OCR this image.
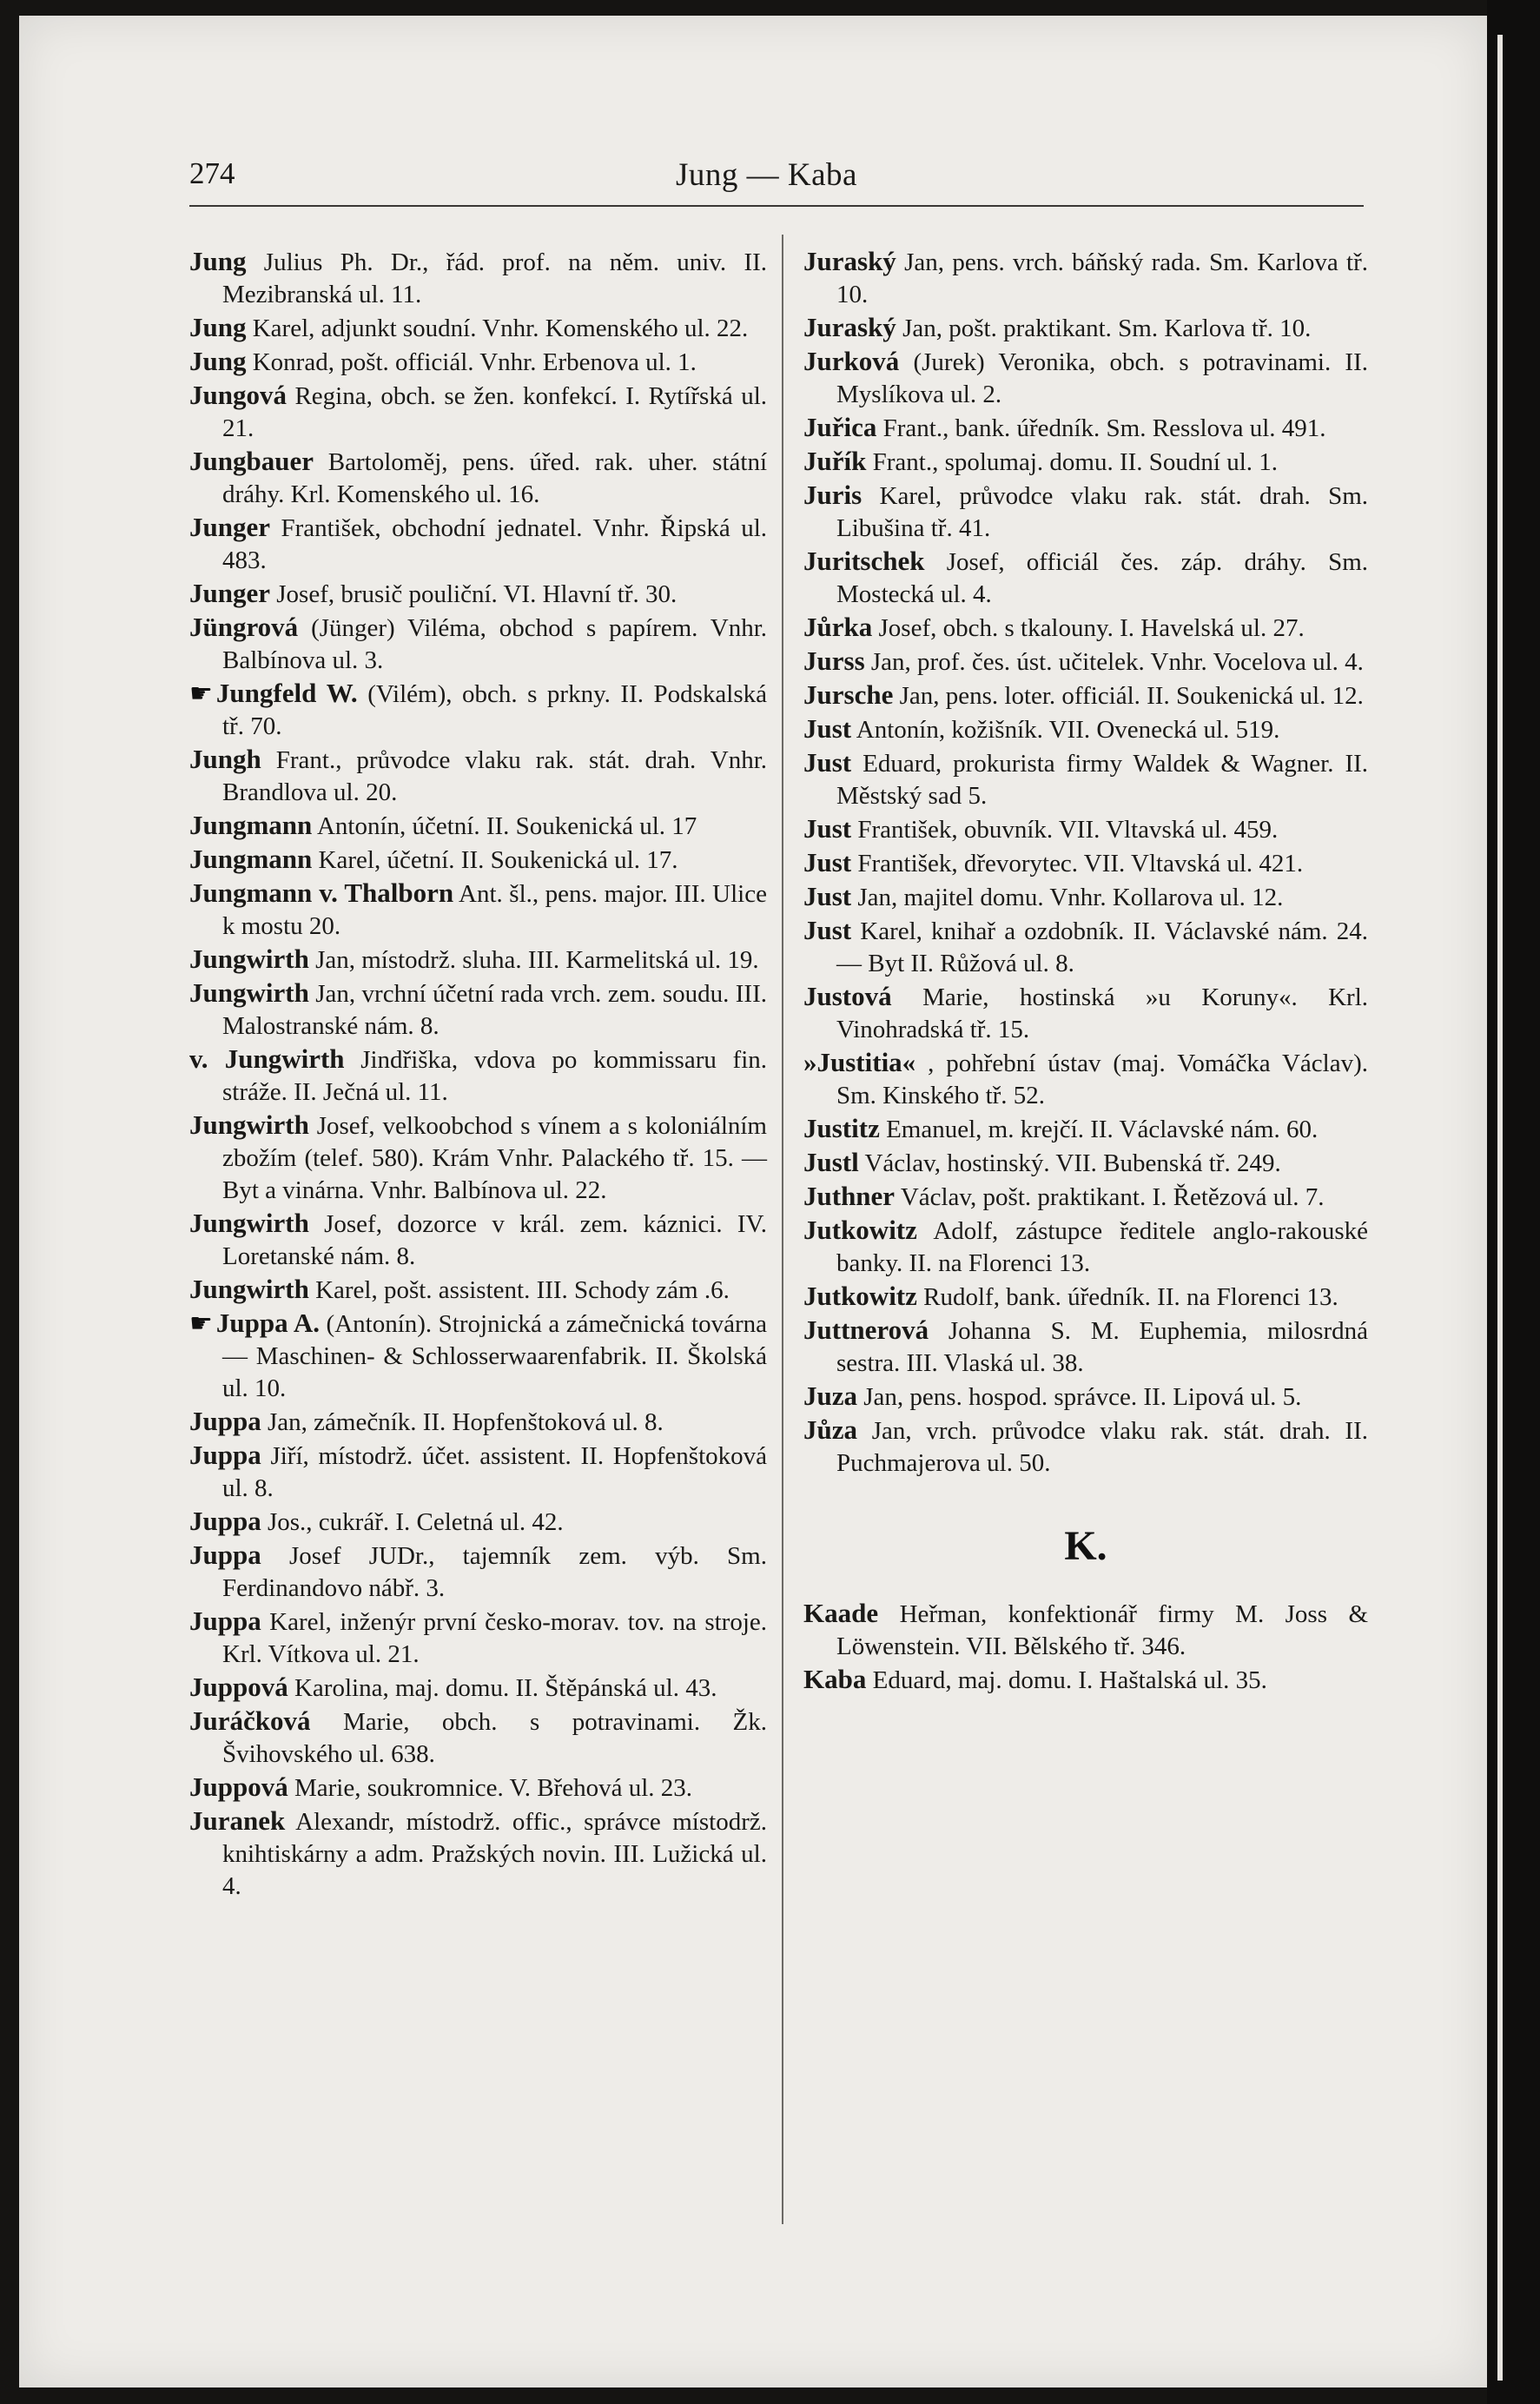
274	Jung — Kaba

Jung Julius Ph. Dr., řád. prof. na něm. univ. II. Mezibranská ul. 11.

Jung Karel, adjunkt soudní. Vnhr. Komenského ul. 22.

Jung Konrad, pošt. officiál. Vnhr. Erbenova ul. 1.

Jungová Regina, obch. se žen. konfekcí. I. Rytířská ul. 21.

Jungbauer Bartoloměj, pens. úřed. rak. uher. státní dráhy. Krl. Komenského ul. 16.

Junger František, obchodní jednatel. Vnhr. Řipská ul. 483.

Junger Josef, brusič pouliční. VI. Hlavní tř. 30.

Jüngrová (Jünger) Viléma, obchod s papírem. Vnhr. Balbínova ul. 3.

☛ Jungfeld W. (Vilém), obch. s prkny. II. Podskalská tř. 70.

Jungh Frant., průvodce vlaku rak. stát. drah. Vnhr. Brandlova ul. 20.

Jungmann Antonín, účetní. II. Soukenická ul. 17

Jungmann Karel, účetní. II. Soukenická ul. 17.

Jungmann v. Thalborn Ant. šl., pens. major. III. Ulice k mostu 20.

Jungwirth Jan, místodrž. sluha. III. Karmelitská ul. 19.

Jungwirth Jan, vrchní účetní rada vrch. zem. soudu. III. Malostranské nám. 8.

v. Jungwirth Jindřiška, vdova po kommissaru fin. stráže. II. Ječná ul. 11.

Jungwirth Josef, velkoobchod s vínem a s koloniálním zbožím (telef. 580). Krám Vnhr. Palackého tř. 15. — Byt a vinárna. Vnhr. Balbínova ul. 22.

Jungwirth Josef, dozorce v král. zem. káznici. IV. Loretanské nám. 8.

Jungwirth Karel, pošt. assistent. III. Schody zám .6.

☛ Juppa A. (Antonín). Strojnická a zámečnická továrna — Maschinen- & Schlosserwaarenfabrik. II. Školská ul. 10.

Juppa Jan, zámečník. II. Hopfenštoková ul. 8.

Juppa Jiří, místodrž. účet. assistent. II. Hopfenštoková ul. 8.

Juppa Jos., cukrář. I. Celetná ul. 42.

Juppa Josef JUDr., tajemník zem. výb. Sm. Ferdinandovo nábř. 3.

Juppa Karel, inženýr první česko-morav. tov. na stroje. Krl. Vítkova ul. 21.

Juppová Karolina, maj. domu. II. Štěpánská ul. 43.

Juráčková Marie, obch. s potravinami. Žk. Švihovského ul. 638.

Juppová Marie, soukromnice. V. Břehová ul. 23.

Juranek Alexandr, místodrž. offic., správce místodrž. knihtiskárny a adm. Pražských novin. III. Lužická ul. 4.

Juraský Jan, pens. vrch. báňský rada. Sm. Karlova tř. 10.

Juraský Jan, pošt. praktikant. Sm. Karlova tř. 10.

Jurková (Jurek) Veronika, obch. s potravinami. II. Myslíkova ul. 2.

Juřica Frant., bank. úředník. Sm. Resslova ul. 491.

Juřík Frant., spolumaj. domu. II. Soudní ul. 1.

Juris Karel, průvodce vlaku rak. stát. drah. Sm. Libušina tř. 41.

Juritschek Josef, officiál čes. záp. dráhy. Sm. Mostecká ul. 4.

Jůrka Josef, obch. s tkalouny. I. Havelská ul. 27.

Jurss Jan, prof. čes. úst. učitelek. Vnhr. Vocelova ul. 4.

Jursche Jan, pens. loter. officiál. II. Soukenická ul. 12.

Just Antonín, kožišník. VII. Ovenecká ul. 519.

Just Eduard, prokurista firmy Waldek & Wagner. II. Městský sad 5.

Just František, obuvník. VII. Vltavská ul. 459.

Just František, dřevorytec. VII. Vltavská ul. 421.

Just Jan, majitel domu. Vnhr. Kollarova ul. 12.

Just Karel, knihař a ozdobník. II. Václavské nám. 24. — Byt II. Růžová ul. 8.

Justová Marie, hostinská »u Koruny«. Krl. Vinohradská tř. 15.

»Justitia« , pohřební ústav (maj. Vomáčka Václav). Sm. Kinského tř. 52.

Justitz Emanuel, m. krejčí. II. Václavské nám. 60.

Justl Václav, hostinský. VII. Bubenská tř. 249.

Juthner Václav, pošt. praktikant. I. Řetězová ul. 7.

Jutkowitz Adolf, zástupce ředitele anglo-rakouské banky. II. na Florenci 13.

Jutkowitz Rudolf, bank. úředník. II. na Florenci 13.

Juttnerová Johanna S. M. Euphemia, milosrdná sestra. III. Vlaská ul. 38.

Juza Jan, pens. hospod. správce. II. Lipová ul. 5.

Jůza Jan, vrch. průvodce vlaku rak. stát. drah. II. Puchmajerova ul. 50.

K.

Kaade Heřman, konfektionář firmy M. Joss & Löwenstein. VII. Bělského tř. 346.

Kaba Eduard, maj. domu. I. Haštalská ul. 35.
